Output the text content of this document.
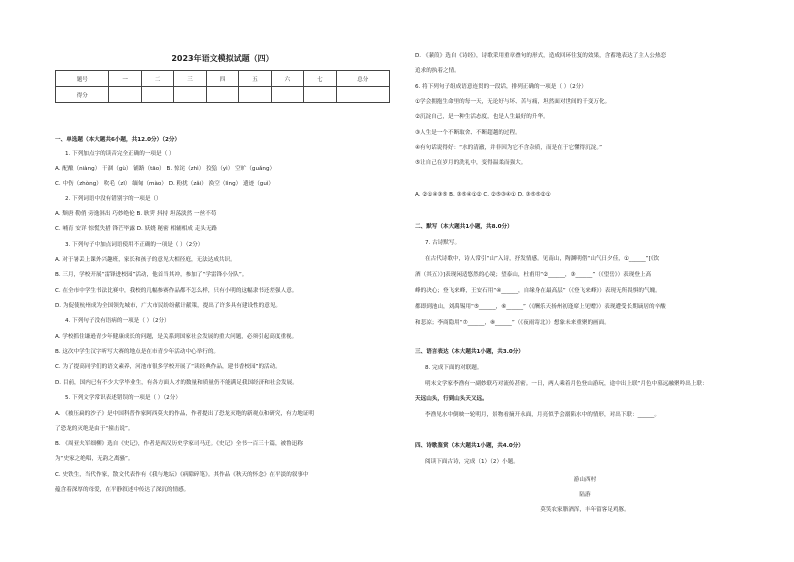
2023年语文模拟试题（四）
题号	一	二	三	四	五	六	七	总分
得分								
一、单选题（本大题共6小题，共12.0分）（2分）
1. 下列加点字的读音完全正确的一项是（ ）
A. 配酿（niàng） 干涸（gù） 铺路（tāo） B. 惊诧（zhì） 狡狯（yì） 空旷（guǎng）
C. 中伤（zhòng） 吹毛（zī） 缅甸（mào） D. 粉扰（zǎi） 涣空（lìng） 遗迹（guì）
2. 下列词语中没有错别字的一项是（）
A. 颓唐 勒俏 旁逸斜出 巧妙绝伦 B. 耿霁 抖持 坦荡淡然 一丝不苟
C. 哺育 安详 惊慌失措 锋芒毕露 D. 妖娆 秘密 相辅相成 走头无路
3. 下列句子中加点词语使用不正确的一项是（ ）（2分）
A. 对于暑丢上课外兴趣班，家长和孩子的意见大相径庭，无法达成共识。
B. 三月，学校开展“雷锋进校园”活动，他首当其冲，参加了“学雷锋小分队”。
C. 在全市中学生书法比赛中，我校的几幅参赛作品都不怎么样，只有小明的这幅隶书还差强人意。
D. 为促使杭州成为全国领先城市，广大市民纷纷献计献策，提出了许多具有建设性的意见。
4. 下列句子没有语病的一项是（ ）（2分）
A. 学校抓住谦逊青少年健康成长的问题，是关系到国家社会发展的重大问题，必须引起高度重视。
B. 这次中学生汉字听写大赛的地点是在市青少年活动中心举行的。
C. 为了提高同学们的语文素养，河池市很多学校开展了“读经典作品，建书香校园”的活动。
D. 目前，国内已有不少大学毕业生，有各方面人才的数量和质量仍不能满足我国经济和社会发展。
5. 下列文学常识表述错误的一项是（ ）（2分）
A. 《被压扁的沙子》是中国科普作家阿西莫夫的作品，作者提出了恐龙灭绝的新观点和研究，有力地证明
了恐龙的灭绝是由于“撞击说”。
B. 《周亚夫军细柳》选自《史记》，作者是西汉历史学家司马迁。《史记》全书一百三十篇，被鲁迅称
为“史家之绝唱，无韵之离骚”。
C. 史铁生，当代作家，散文代表作有《我与地坛》《病隙碎笔》。其作品《秋天的怀念》在平淡的叙事中
蕴含着深厚的母爱，在平静叙述中传达了深沉的情感。
D. 《蒹葭》选自《诗经》，诗歌采用重章叠句的形式，造成回环往复的效果，含蓄地表达了主人公热恋
追求的执着之情。
6. 将下列句子组成语意连贯的一段话，排列正确的一项是（ ）（2分）
①学会拥抱生命里的每一天，无论好与坏、苦与痛，坦然面对世间的千变万化。
②沉淀自己，是一种生活态度，也是人生最好的升华。
③人生是一个不断取舍、不断超越的过程。
④有句话说得好：“水的清澈，并非因为它不含杂质，而是在于它懂得沉淀。”
⑤让自己在岁月的洗礼中，变得温柔而强大。
A. ②①④③⑤ B. ③⑤④①② C. ②⑤③④① D. ③⑤⑤②①
二、默写（本大题共1小题，共8.0分）
7. 古诗默写。
在古代诗歌中，诗人常引“山”入诗，抒发情感。见南山，陶渊明借“山气日夕佳，①______”[《饮
酒（其五）》]表现闲适悠然的心境；望泰山，杜甫用“②______，③______”（《望岳》）表现登上高
峰的决心；登飞来峰，王安石用“④______，自缘身在最高层”（《登飞来峰》）表现无所畏惧的气魄。
都即到池山，刘禹锡用“⑤______，⑥______”（《酬乐天扬州初逢席上见赠》）表现遭受长期谪居的辛酸
和悲凉；李商隐用“⑦______，⑧______”（《夜雨寄北》）想象未来重聚的画面。
三、语言表达（本大题共1小题，共3.0分）
8. 完成下面的对联题。
明末文学家李渔有一副妙联巧对流传甚密。一日，两人乘着月色登山游玩，途中出上联“月色中墓远融聚吟出上联：
天远山头，行到山头天又远。
李渔见水中倒映一轮明月，景物看摘开永面，月亮似乎会溺陷水中的情形，对出下联：______。
四、诗歌鉴赏（本大题共1小题，共4.0分）
阅读下面古诗，完成（1）（2）小题。
游山西村
陆游
莫笑农家腊酒浑，丰年留客足鸡豚。
